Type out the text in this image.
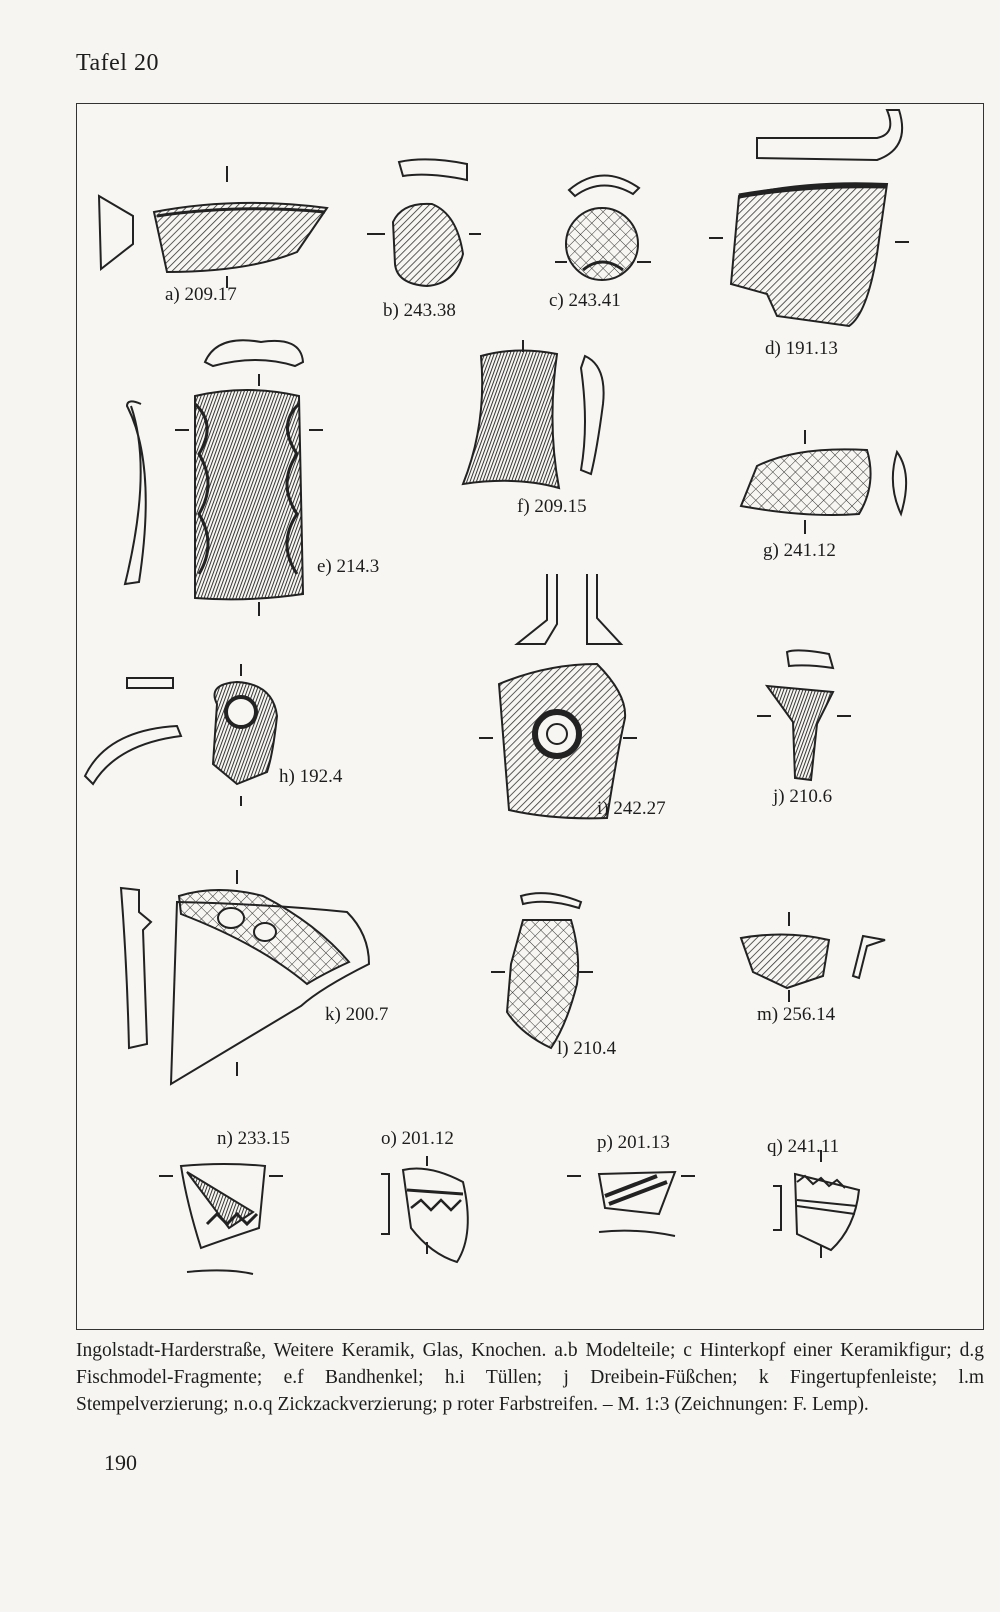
Tafel 20
a) 209.17
b) 243.38	c) 243.41
d) 191.13
e) 214.3
f) 209.15
g) 241.12
h) 192.4
i) 242.27
j) 210.6
k) 200.7
l) 210.4
m) 256.14
n) 233.15	o) 201.12	p) 201.13	q) 241.11
Ingolstadt-Harderstraße, Weitere Keramik, Glas, Knochen. a.b Modelteile; c Hinterkopf einer Keramikfigur; d.g Fischmodel-Fragmente; e.f Bandhenkel; h.i Tüllen; j Dreibein-Füßchen; k Fingertupfenleiste; l.m Stempelverzierung; n.o.q Zickzackverzierung; p roter Farbstreifen. – M. 1:3 (Zeichnungen: F. Lemp).
190
